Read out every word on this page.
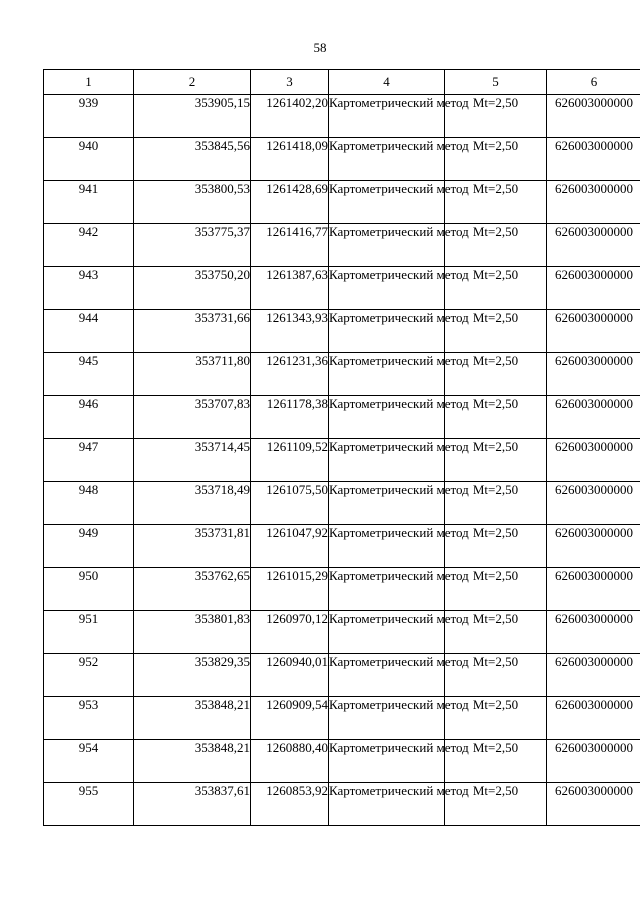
58
1	2	3	4	5	6
939	353905,15	1261402,20	Картометрический метод	Mt=2,50	626003000000
940	353845,56	1261418,09	Картометрический метод	Mt=2,50	626003000000
941	353800,53	1261428,69	Картометрический метод	Mt=2,50	626003000000
942	353775,37	1261416,77	Картометрический метод	Mt=2,50	626003000000
943	353750,20	1261387,63	Картометрический метод	Mt=2,50	626003000000
944	353731,66	1261343,93	Картометрический метод	Mt=2,50	626003000000
945	353711,80	1261231,36	Картометрический метод	Mt=2,50	626003000000
946	353707,83	1261178,38	Картометрический метод	Mt=2,50	626003000000
947	353714,45	1261109,52	Картометрический метод	Mt=2,50	626003000000
948	353718,49	1261075,50	Картометрический метод	Mt=2,50	626003000000
949	353731,81	1261047,92	Картометрический метод	Mt=2,50	626003000000
950	353762,65	1261015,29	Картометрический метод	Mt=2,50	626003000000
951	353801,83	1260970,12	Картометрический метод	Mt=2,50	626003000000
952	353829,35	1260940,01	Картометрический метод	Mt=2,50	626003000000
953	353848,21	1260909,54	Картометрический метод	Mt=2,50	626003000000
954	353848,21	1260880,40	Картометрический метод	Mt=2,50	626003000000
955	353837,61	1260853,92	Картометрический метод	Mt=2,50	626003000000
